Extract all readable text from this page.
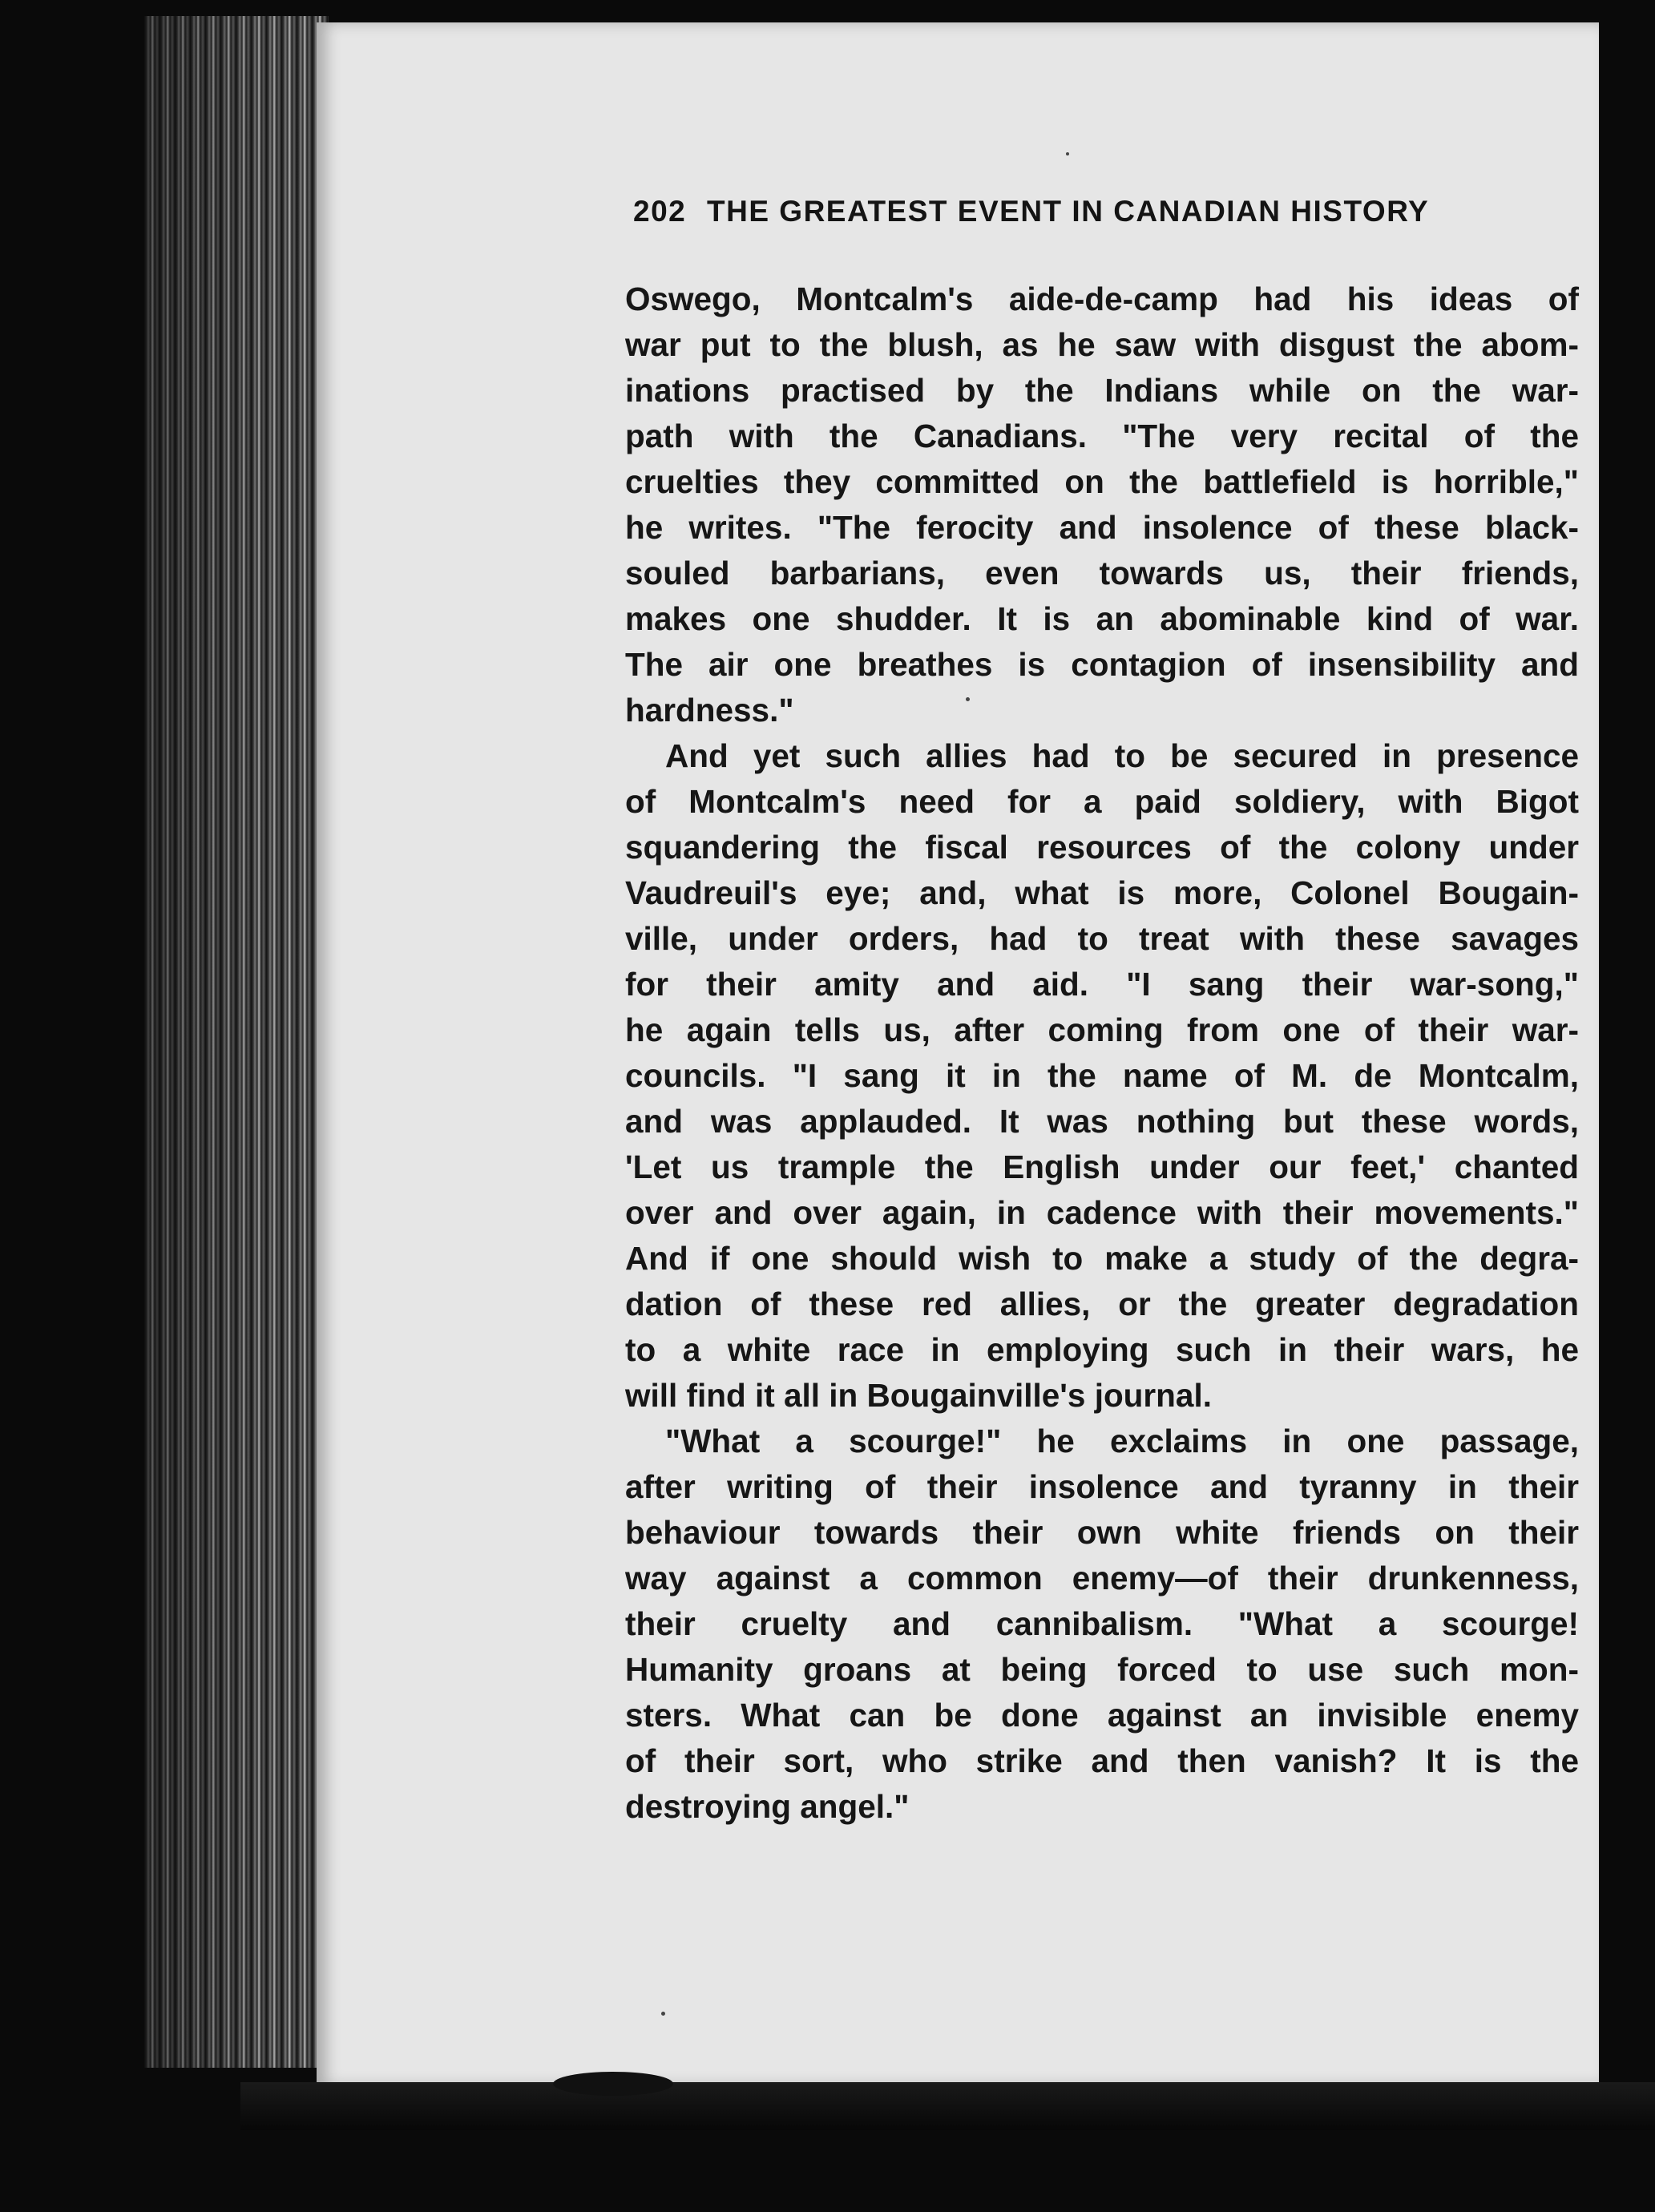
202 THE GREATEST EVENT IN CANADIAN HISTORY
Oswego, Montcalm's aide-de-camp had his ideas of
war put to the blush, as he saw with disgust the abom-
inations practised by the Indians while on the war-
path with the Canadians. "The very recital of the
cruelties they committed on the battlefield is horrible,"
he writes. "The ferocity and insolence of these black-
souled barbarians, even towards us, their friends,
makes one shudder. It is an abominable kind of war.
The air one breathes is contagion of insensibility and
hardness."
And yet such allies had to be secured in presence
of Montcalm's need for a paid soldiery, with Bigot
squandering the fiscal resources of the colony under
Vaudreuil's eye; and, what is more, Colonel Bougain-
ville, under orders, had to treat with these savages
for their amity and aid. "I sang their war-song,"
he again tells us, after coming from one of their war-
councils. "I sang it in the name of M. de Montcalm,
and was applauded. It was nothing but these words,
'Let us trample the English under our feet,' chanted
over and over again, in cadence with their movements."
And if one should wish to make a study of the degra-
dation of these red allies, or the greater degradation
to a white race in employing such in their wars, he
will find it all in Bougainville's journal.
"What a scourge!" he exclaims in one passage,
after writing of their insolence and tyranny in their
behaviour towards their own white friends on their
way against a common enemy—of their drunkenness,
their cruelty and cannibalism. "What a scourge!
Humanity groans at being forced to use such mon-
sters. What can be done against an invisible enemy
of their sort, who strike and then vanish? It is the
destroying angel."
